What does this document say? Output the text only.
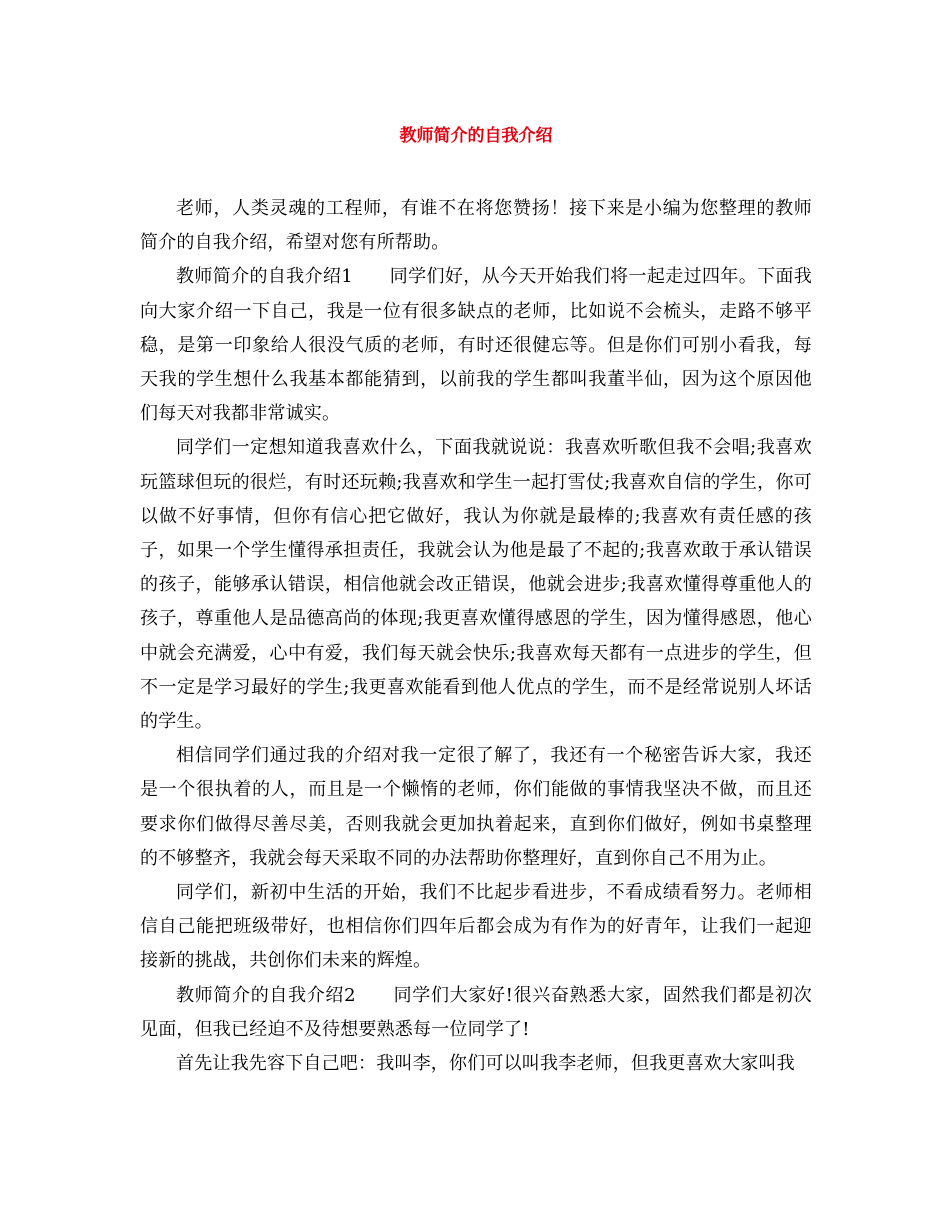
教师简介的自我介绍

老师，人类灵魂的工程师，有谁不在将您赞扬！接下来是小编为您整理的教师简介的自我介绍，希望对您有所帮助。

教师简介的自我介绍1　　同学们好，从今天开始我们将一起走过四年。下面我向大家介绍一下自己，我是一位有很多缺点的老师，比如说不会梳头，走路不够平稳，是第一印象给人很没气质的老师，有时还很健忘等。但是你们可别小看我，每天我的学生想什么我基本都能猜到，以前我的学生都叫我董半仙，因为这个原因他们每天对我都非常诚实。

同学们一定想知道我喜欢什么，下面我就说说：我喜欢听歌但我不会唱;我喜欢玩篮球但玩的很烂，有时还玩赖;我喜欢和学生一起打雪仗;我喜欢自信的学生，你可以做不好事情，但你有信心把它做好，我认为你就是最棒的;我喜欢有责任感的孩子，如果一个学生懂得承担责任，我就会认为他是最了不起的;我喜欢敢于承认错误的孩子，能够承认错误，相信他就会改正错误，他就会进步;我喜欢懂得尊重他人的孩子，尊重他人是品德高尚的体现;我更喜欢懂得感恩的学生，因为懂得感恩，他心中就会充满爱，心中有爱，我们每天就会快乐;我喜欢每天都有一点进步的学生，但不一定是学习最好的学生;我更喜欢能看到他人优点的学生，而不是经常说别人坏话的学生。

相信同学们通过我的介绍对我一定很了解了，我还有一个秘密告诉大家，我还是一个很执着的人，而且是一个懒惰的老师，你们能做的事情我坚决不做，而且还要求你们做得尽善尽美，否则我就会更加执着起来，直到你们做好，例如书桌整理的不够整齐，我就会每天采取不同的办法帮助你整理好，直到你自己不用为止。

同学们，新初中生活的开始，我们不比起步看进步，不看成绩看努力。老师相信自己能把班级带好，也相信你们四年后都会成为有作为的好青年，让我们一起迎接新的挑战，共创你们未来的辉煌。

教师简介的自我介绍2　　同学们大家好!很兴奋熟悉大家，固然我们都是初次见面，但我已经迫不及待想要熟悉每一位同学了!

首先让我先容下自己吧：我叫李，你们可以叫我李老师，但我更喜欢大家叫我
